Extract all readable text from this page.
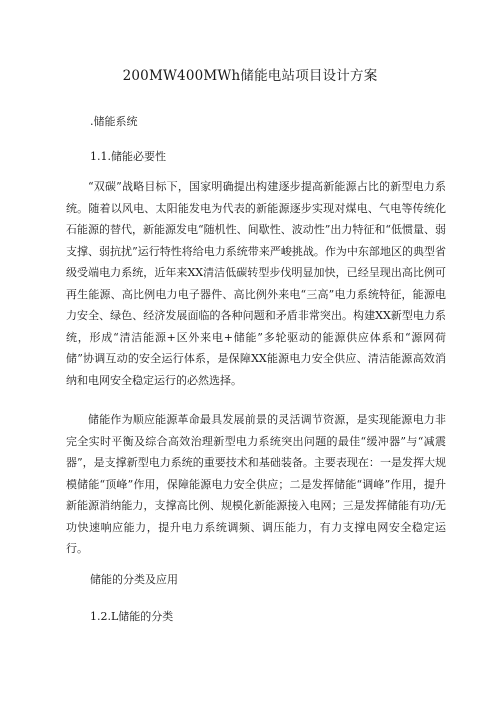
200MW400MWh储能电站项目设计方案
.储能系统
1.1.储能必要性

“双碳”战略目标下，国家明确提出构建逐步提高新能源占比的新型电力系统。随着以风电、太阳能发电为代表的新能源逐步实现对煤电、气电等传统化石能源的替代，新能源发电“随机性、间歇性、波动性”出力特征和“低惯量、弱支撑、弱抗扰”运行特性将给电力系统带来严峻挑战。作为中东部地区的典型省级受端电力系统，近年来XX清洁低碳转型步伐明显加快，已经呈现出高比例可再生能源、高比例电力电子器件、高比例外来电“三高”电力系统特征，能源电力安全、绿色、经济发展面临的各种问题和矛盾非常突出。构建XX新型电力系统，形成“清洁能源+区外来电+储能”多轮驱动的能源供应体系和“源网荷储”协调互动的安全运行体系，是保障XX能源电力安全供应、清洁能源高效消纳和电网安全稳定运行的必然选择。

储能作为顺应能源革命最具发展前景的灵活调节资源，是实现能源电力非完全实时平衡及综合高效治理新型电力系统突出问题的最佳“缓冲器”与“减震器”，是支撑新型电力系统的重要技术和基础装备。主要表现在：一是发挥大规模储能“顶峰”作用，保障能源电力安全供应；二是发挥储能“调峰”作用，提升新能源消纳能力，支撑高比例、规模化新能源接入电网；三是发挥储能有功/无功快速响应能力，提升电力系统调频、调压能力，有力支撑电网安全稳定运行。

储能的分类及应用
1.2.L储能的分类
